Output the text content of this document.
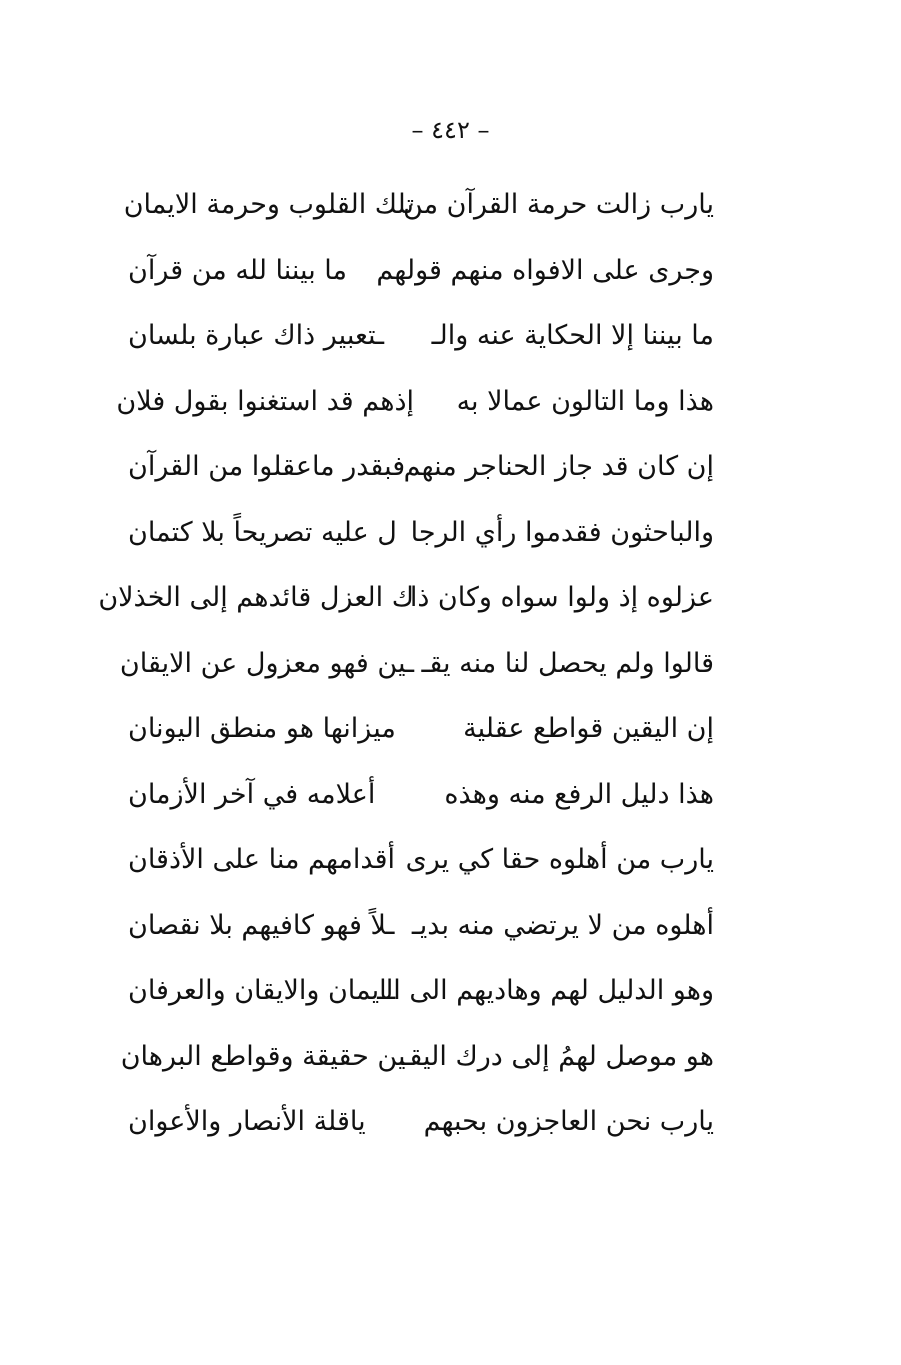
– ٤٤٢ –
يارب زالت حرمة القرآن من
تلك القلوب وحرمة الايمان
وجرى على الافواه منهم قولهم
ما بيننا لله من قرآن
ما بيننا إلا الحكاية عنه والـ
ـتعبير ذاك عبارة بلسان
هذا وما التالون عمالا به
إذهم قد استغنوا بقول فلان
إن كان قد جاز الحناجر منهم
فبقدر ماعقلوا من القرآن
والباحثون فقدموا رأي الرجا
ل عليه تصريحاً بلا كتمان
عزلوه إذ ولوا سواه وكان ذا
ك العزل قائدهم إلى الخذلان
قالوا ولم يحصل لنا منه يقـ
ـين فهو معزول عن الايقان
إن اليقين قواطع عقلية
ميزانها هو منطق اليونان
هذا دليل الرفع منه وهذه
أعلامه في آخر الأزمان
يارب من أهلوه حقا كي يرى
أقدامهم منا على الأذقان
أهلوه من لا يرتضي منه بديـ
ـلاً فهو كافيهم بلا نقصان
وهو الدليل لهم وهاديهم الى الـ
ـايمان والايقان والعرفان
هو موصل لهمُ إلى درك اليقـ
ـين حقيقة وقواطع البرهان
يارب نحن العاجزون بحبهم
ياقلة الأنصار والأعوان
